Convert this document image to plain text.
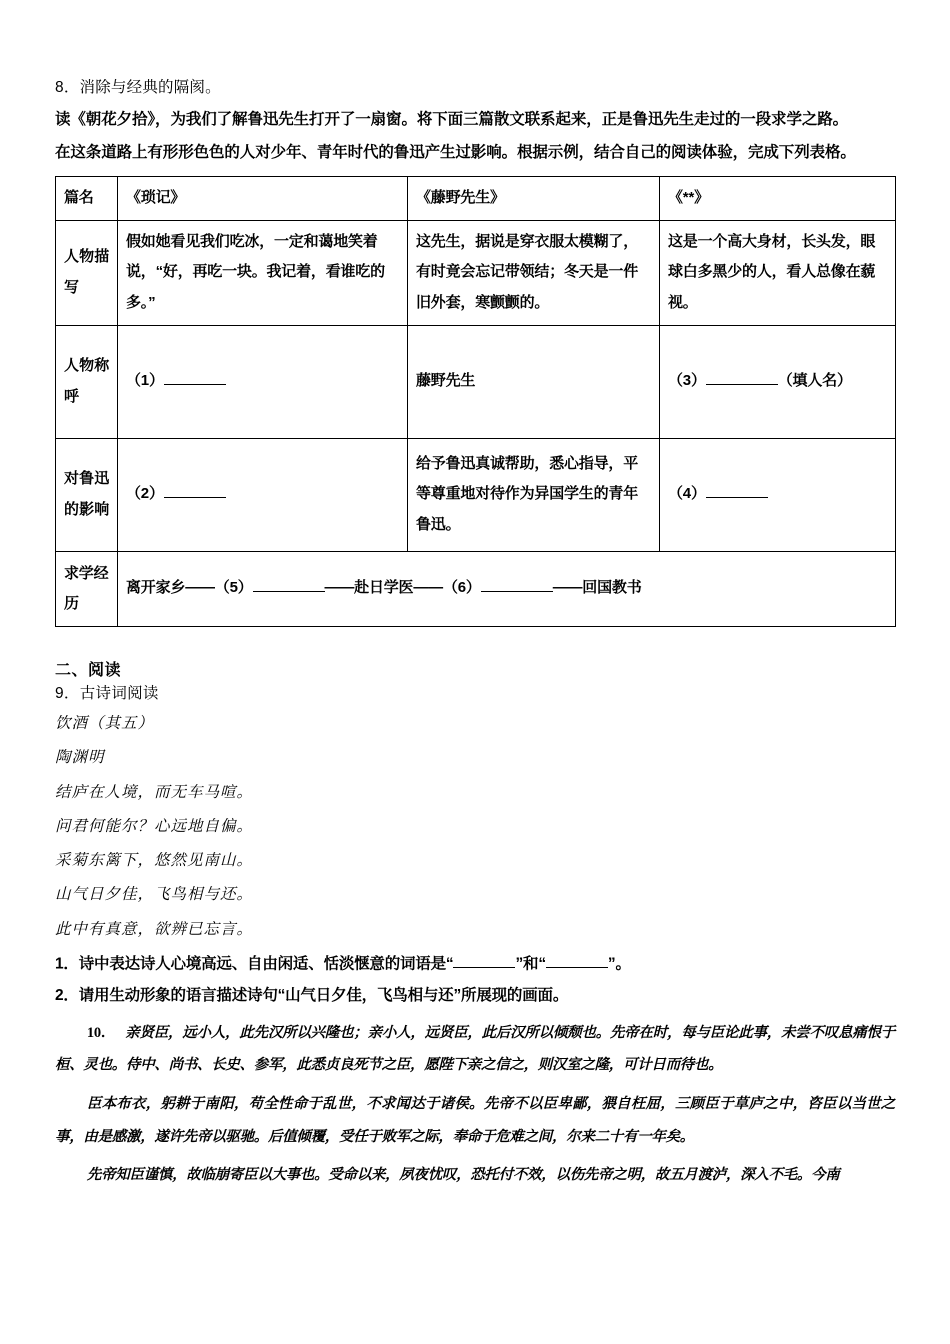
8．消除与经典的隔阂。

读《朝花夕拾》，为我们了解鲁迅先生打开了一扇窗。将下面三篇散文联系起来，正是鲁迅先生走过的一段求学之路。

在这条道路上有形形色色的人对少年、青年时代的鲁迅产生过影响。根据示例，结合自己的阅读体验，完成下列表格。

篇名	《琐记》	《藤野先生》	《**》
人物描写	假如她看见我们吃冰，一定和蔼地笑着说，“好，再吃一块。我记着，看谁吃的多。”	这先生，据说是穿衣服太模糊了，有时竟会忘记带领结；冬天是一件旧外套，寒颤颤的。	这是一个高大身材，长头发，眼球白多黑少的人，看人总像在藐视。
人物称呼	（1）	藤野先生	（3） （填人名）
对鲁迅的影响	（2）	给予鲁迅真诚帮助，悉心指导，平等尊重地对待作为异国学生的青年鲁迅。	（4）
求学经历	离开家乡——（5） ——赴日学医——（6） ——回国教书		

二、阅读

9．古诗词阅读

饮酒（其五）

陶渊明

结庐在人境，而无车马喧。

问君何能尔？心远地自偏。

采菊东篱下，悠然见南山。

山气日夕佳，飞鸟相与还。

此中有真意，欲辨已忘言。

1．诗中表达诗人心境高远、自由闲适、恬淡惬意的词语是“	”和“	”。

2．请用生动形象的语言描述诗句“山气日夕佳，飞鸟相与还”所展现的画面。

10． 亲贤臣，远小人，此先汉所以兴隆也；亲小人，远贤臣，此后汉所以倾颓也。先帝在时，每与臣论此事，未尝不叹息痛恨于桓、灵也。侍中、尚书、长史、参军，此悉贞良死节之臣，愿陛下亲之信之，则汉室之隆，可计日而待也。

臣本布衣，躬耕于南阳，苟全性命于乱世，不求闻达于诸侯。先帝不以臣卑鄙，猥自枉屈，三顾臣于草庐之中，咨臣以当世之事，由是感激，遂许先帝以驱驰。后值倾覆，受任于败军之际，奉命于危难之间，尔来二十有一年矣。

先帝知臣谨慎，故临崩寄臣以大事也。受命以来，夙夜忧叹，恐托付不效，以伤先帝之明，故五月渡泸，深入不毛。今南
